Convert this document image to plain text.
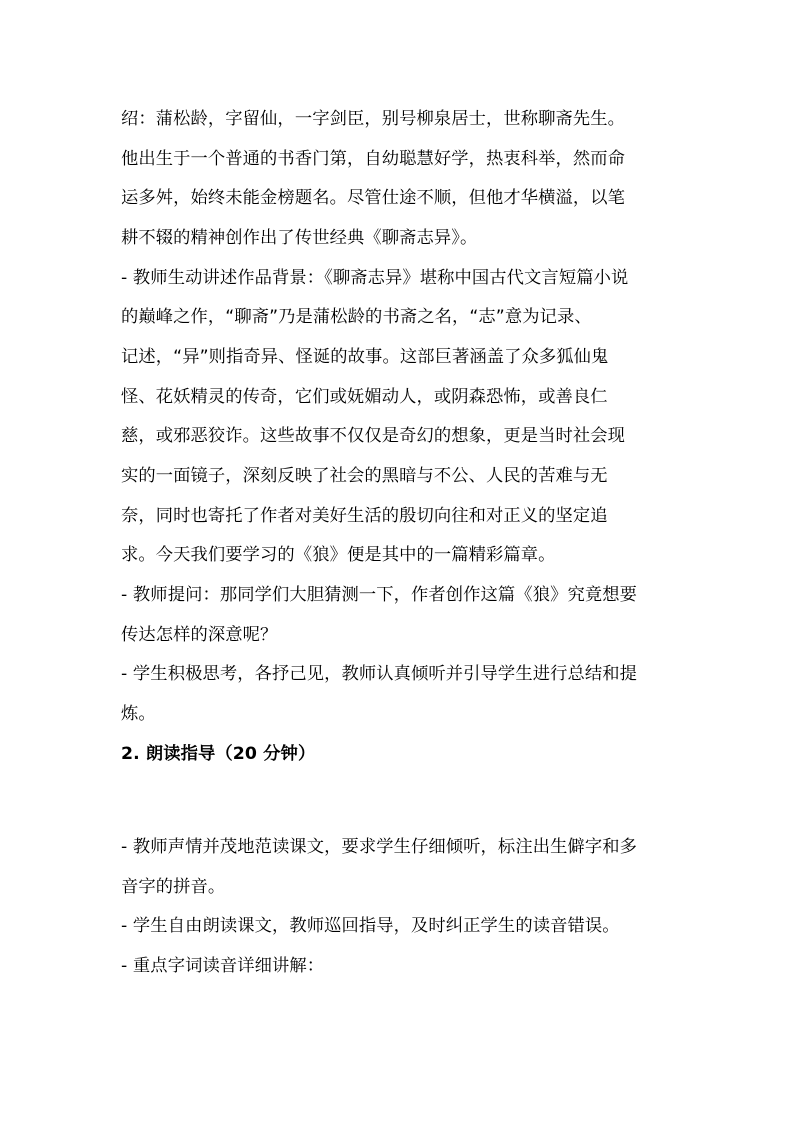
绍：蒲松龄，字留仙，一字剑臣，别号柳泉居士，世称聊斋先生。
他出生于一个普通的书香门第，自幼聪慧好学，热衷科举，然而命
运多舛，始终未能金榜题名。尽管仕途不顺，但他才华横溢，以笔
耕不辍的精神创作出了传世经典《聊斋志异》。
- 教师生动讲述作品背景：《聊斋志异》堪称中国古代文言短篇小说
的巅峰之作，“聊斋”乃是蒲松龄的书斋之名，“志”意为记录、
记述，“异”则指奇异、怪诞的故事。这部巨著涵盖了众多狐仙鬼
怪、花妖精灵的传奇，它们或妩媚动人，或阴森恐怖，或善良仁
慈，或邪恶狡诈。这些故事不仅仅是奇幻的想象，更是当时社会现
实的一面镜子，深刻反映了社会的黑暗与不公、人民的苦难与无
奈，同时也寄托了作者对美好生活的殷切向往和对正义的坚定追
求。今天我们要学习的《狼》便是其中的一篇精彩篇章。
- 教师提问：那同学们大胆猜测一下，作者创作这篇《狼》究竟想要
传达怎样的深意呢？
- 学生积极思考，各抒己见，教师认真倾听并引导学生进行总结和提
炼。
2. 朗读指导（20 分钟）
- 教师声情并茂地范读课文，要求学生仔细倾听，标注出生僻字和多
音字的拼音。
- 学生自由朗读课文，教师巡回指导，及时纠正学生的读音错误。
- 重点字词读音详细讲解：
